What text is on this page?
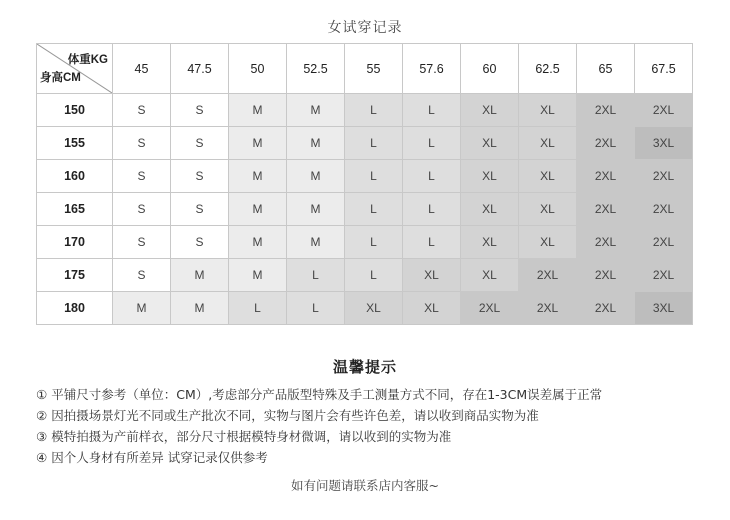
女试穿记录
体重KG
身高CM	45	47.5	50	52.5	55	57.6	60	62.5	65	67.5
150	S	S	M	M	L	L	XL	XL	2XL	2XL
155	S	S	M	M	L	L	XL	XL	2XL	3XL
160	S	S	M	M	L	L	XL	XL	2XL	2XL
165	S	S	M	M	L	L	XL	XL	2XL	2XL
170	S	S	M	M	L	L	XL	XL	2XL	2XL
175	S	M	M	L	L	XL	XL	2XL	2XL	2XL
180	M	M	L	L	XL	XL	2XL	2XL	2XL	3XL
温馨提示
① 平铺尺寸参考（单位：CM）,考虑部分产品版型特殊及手工测量方式不同，存在1-3CM误差属于正常
② 因拍摄场景灯光不同或生产批次不同，实物与图片会有些许色差，请以收到商品实物为准
③ 模特拍摄为产前样衣，部分尺寸根据模特身材微调，请以收到的实物为准
④ 因个人身材有所差异 试穿记录仅供参考
如有问题请联系店内客服~
